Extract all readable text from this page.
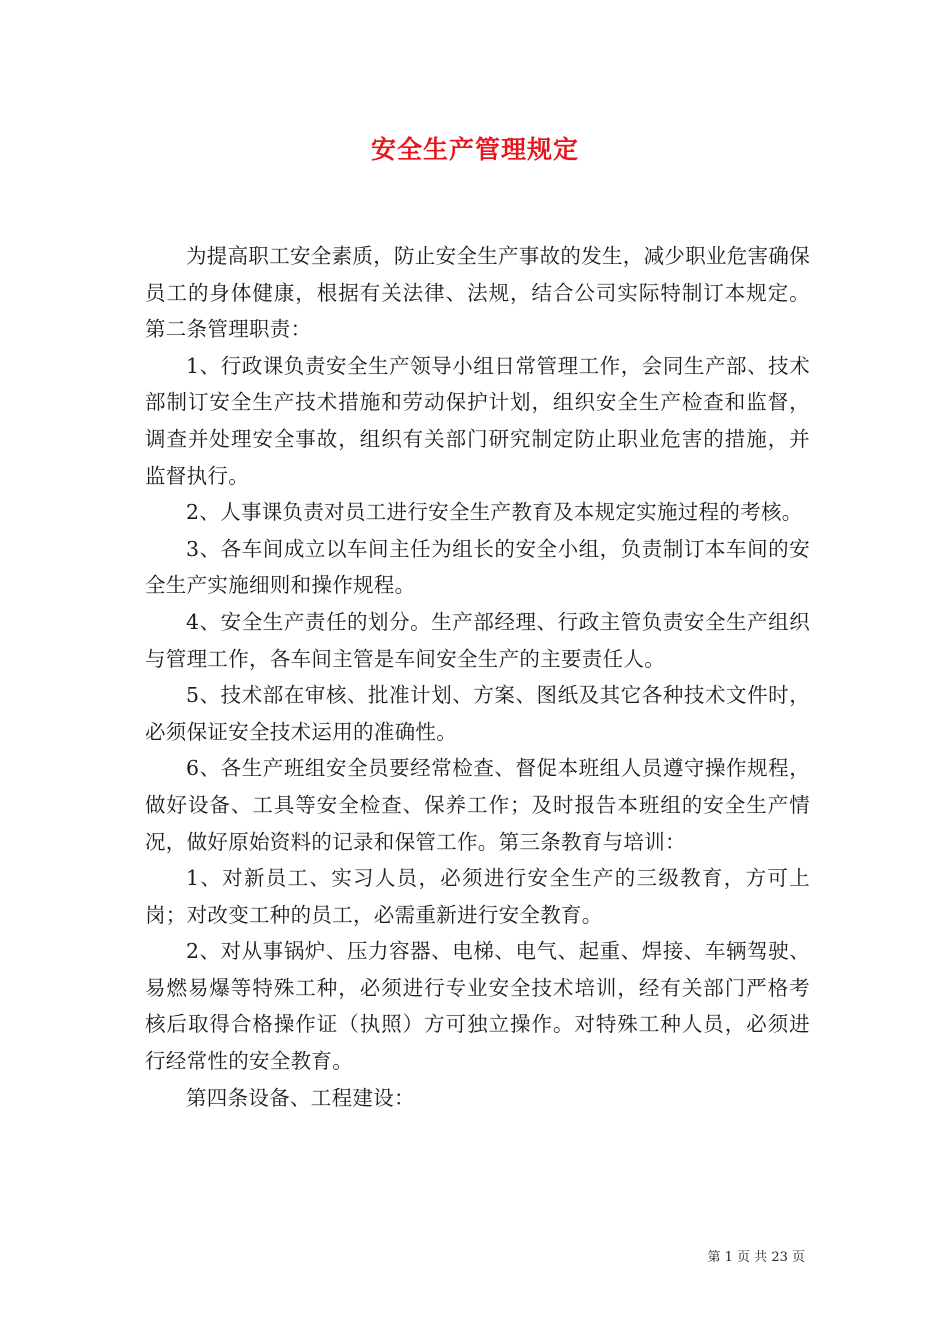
安全生产管理规定

为提高职工安全素质，防止安全生产事故的发生，减少职业危害确保员工的身体健康，根据有关法律、法规，结合公司实际特制订本规定。第二条管理职责：

1、行政课负责安全生产领导小组日常管理工作，会同生产部、技术部制订安全生产技术措施和劳动保护计划，组织安全生产检查和监督，调查并处理安全事故，组织有关部门研究制定防止职业危害的措施，并监督执行。

2、人事课负责对员工进行安全生产教育及本规定实施过程的考核。

3、各车间成立以车间主任为组长的安全小组，负责制订本车间的安全生产实施细则和操作规程。

4、安全生产责任的划分。生产部经理、行政主管负责安全生产组织与管理工作，各车间主管是车间安全生产的主要责任人。

5、技术部在审核、批准计划、方案、图纸及其它各种技术文件时，必须保证安全技术运用的准确性。

6、各生产班组安全员要经常检查、督促本班组人员遵守操作规程，做好设备、工具等安全检查、保养工作；及时报告本班组的安全生产情况，做好原始资料的记录和保管工作。第三条教育与培训：

1、对新员工、实习人员，必须进行安全生产的三级教育，方可上岗；对改变工种的员工，必需重新进行安全教育。

2、对从事锅炉、压力容器、电梯、电气、起重、焊接、车辆驾驶、易燃易爆等特殊工种，必须进行专业安全技术培训，经有关部门严格考核后取得合格操作证（执照）方可独立操作。对特殊工种人员，必须进行经常性的安全教育。

第四条设备、工程建设：

第 1 页 共 23 页
